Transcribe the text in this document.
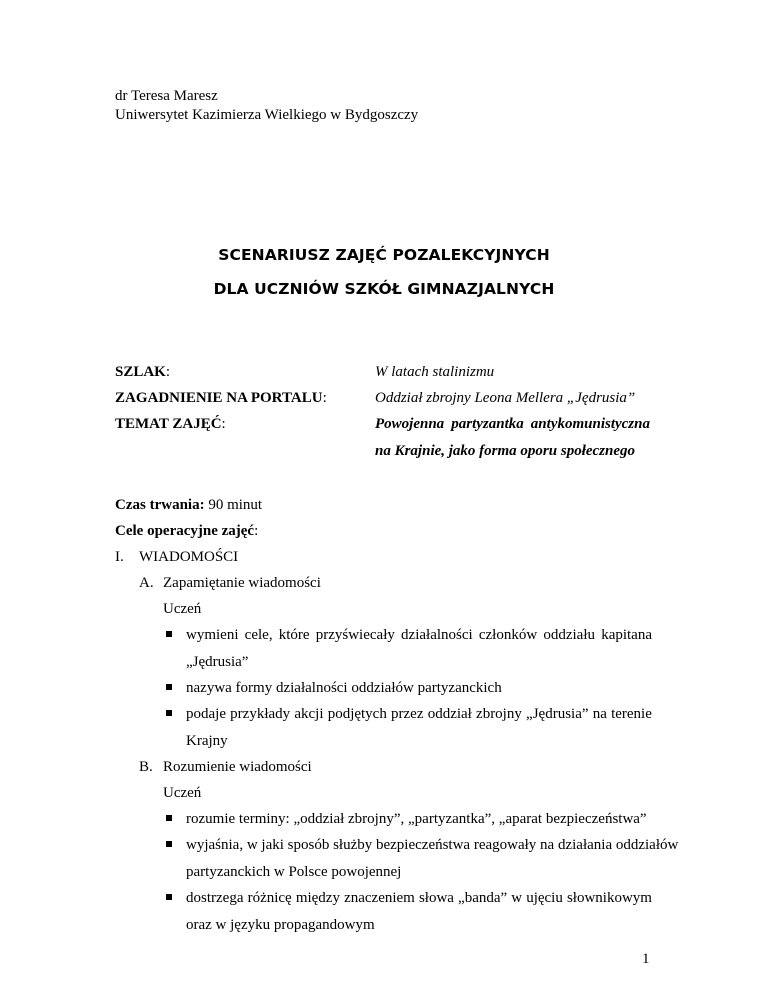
dr Teresa Maresz
Uniwersytet Kazimierza Wielkiego w Bydgoszczy
SCENARIUSZ ZAJĘĆ POZALEKCYJNYCH
DLA UCZNIÓW SZKÓŁ GIMNAZJALNYCH
SZLAK:	W latach stalinizmu
ZAGADNIENIE NA PORTALU:	Oddział zbrojny Leona Mellera „Jędrusia”
TEMAT ZAJĘĆ:	Powojenna partyzantka antykomunistyczna
na Krajnie, jako forma oporu społecznego
Czas trwania: 90 minut
Cele operacyjne zajęć:
I. WIADOMOŚCI
A. Zapamiętanie wiadomości
Uczeń
wymieni cele, które przyświecały działalności członków oddziału kapitana
„Jędrusia”
nazywa formy działalności oddziałów partyzanckich
podaje przykłady akcji podjętych przez oddział zbrojny „Jędrusia” na terenie
Krajny
B. Rozumienie wiadomości
Uczeń
rozumie terminy: „oddział zbrojny”, „partyzantka”, „aparat bezpieczeństwa”
wyjaśnia, w jaki sposób służby bezpieczeństwa reagowały na działania oddziałów
partyzanckich w Polsce powojennej
dostrzega różnicę między znaczeniem słowa „banda” w ujęciu słownikowym
oraz w języku propagandowym
1
